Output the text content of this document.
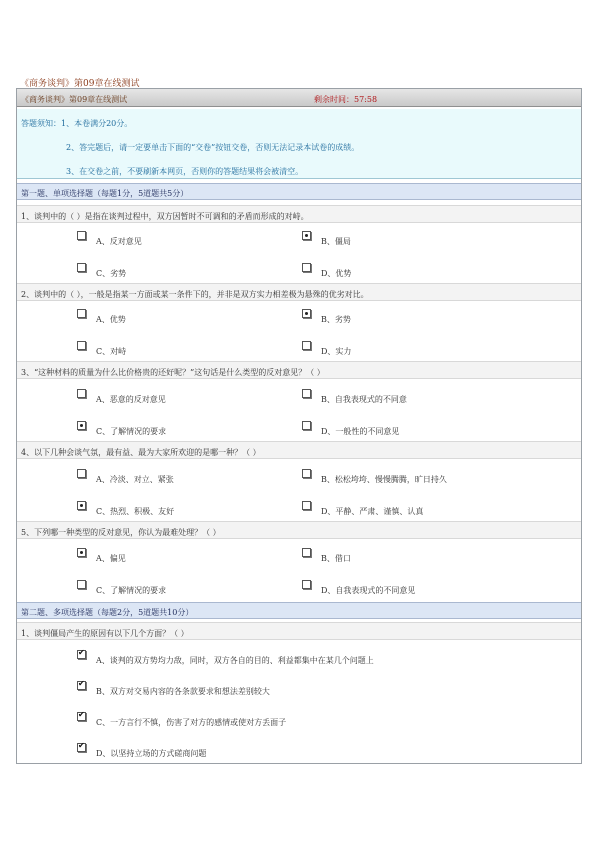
《商务谈判》第09章在线测试
《商务谈判》第09章在线测试	剩余时间：57:58
答题须知：1、本卷满分20分。
2、答完题后，请一定要单击下面的“交卷”按钮交卷，否则无法记录本试卷的成绩。
3、在交卷之前，不要刷新本网页，否则你的答题结果将会被清空。
第一题、单项选择题（每题1分，5道题共5分）
1、谈判中的（ ）是指在谈判过程中，双方因暂时不可调和的矛盾而形成的对峙。
A、反对意见	B、僵局
C、劣势	D、优势
2、谈判中的（ ），一般是指某一方面或某一条件下的，并非是双方实力相差极为悬殊的优劣对比。
A、优势	B、劣势
C、对峙	D、实力
3、“这种材料的质量为什么比价格贵的还好呢？”这句话是什么类型的反对意见？（ ）
A、恶意的反对意见	B、自我表现式的不同意
C、了解情况的要求	D、一般性的不同意见
4、以下几种会谈气氛，最有益、最为大家所欢迎的是哪一种？（ ）
A、冷淡、对立、紧张	B、松松垮垮、慢慢腾腾，旷日持久
C、热烈、积极、友好	D、平静、严肃、谨慎、认真
5、下列哪一种类型的反对意见，你认为最难处理？（ ）
A、偏见	B、借口
C、了解情况的要求	D、自我表现式的不同意见
第二题、多项选择题（每题2分，5道题共10分）
1、谈判僵局产生的原因有以下几个方面？（ ）
✔
A、谈判的双方势均力敌，同时，双方各自的目的、利益都集中在某几个问题上
✔
B、双方对交易内容的各条款要求和想法差别较大
✔
C、一方言行不慎，伤害了对方的感情或使对方丢面子
✔
D、以坚持立场的方式磋商问题
